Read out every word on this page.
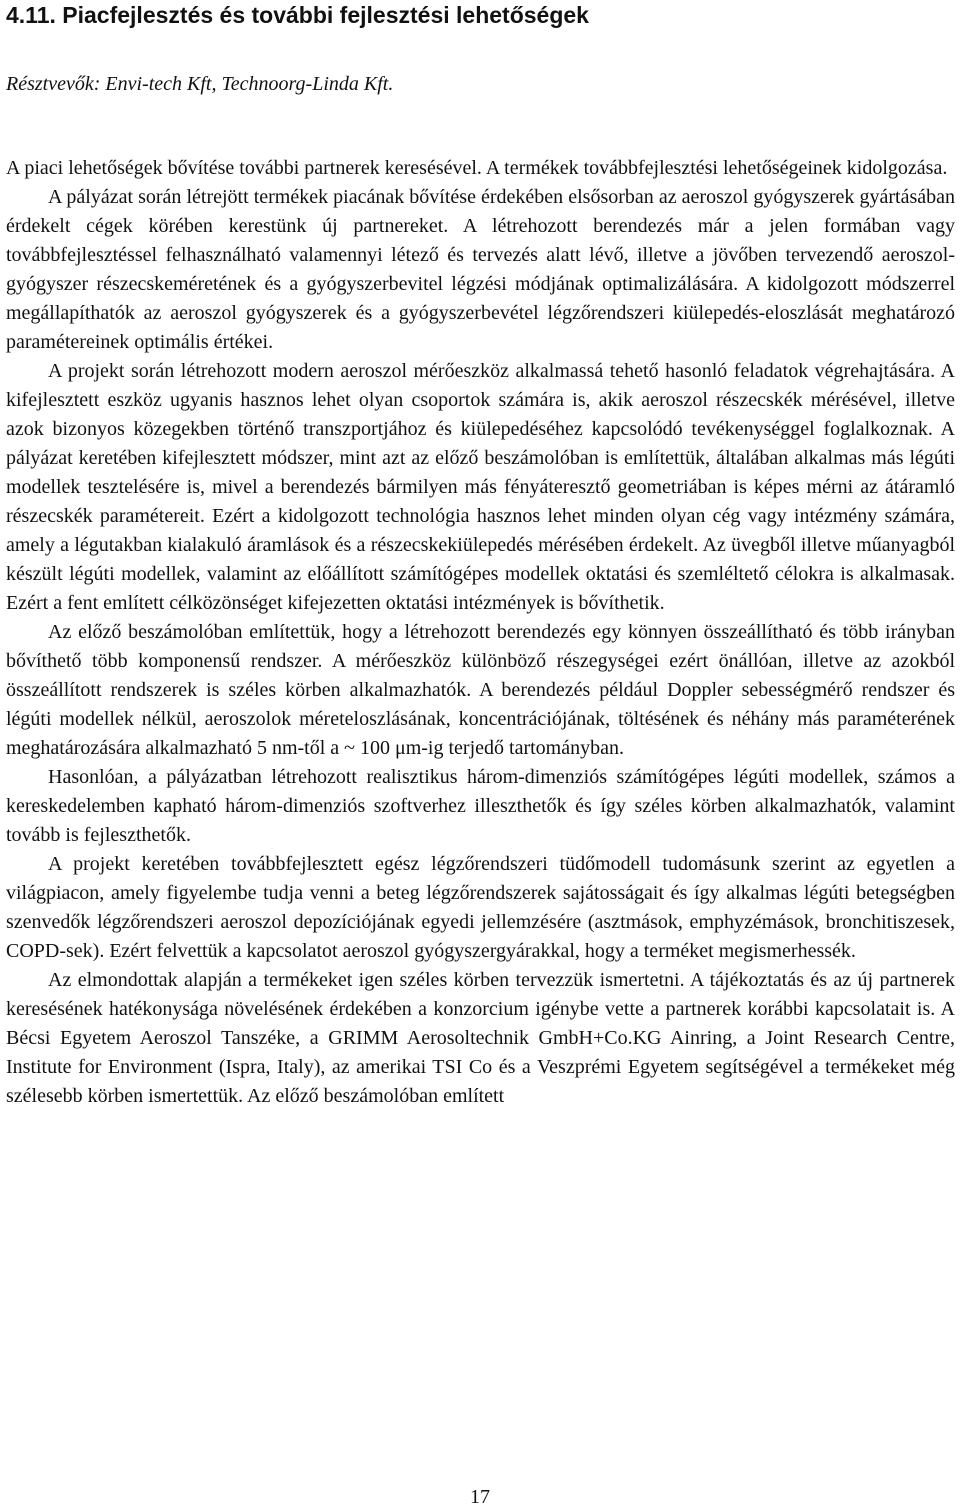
4.11. Piacfejlesztés és további fejlesztési lehetőségek

Résztvevők: Envi-tech Kft, Technoorg-Linda Kft.

A piaci lehetőségek bővítése további partnerek keresésével. A termékek továbbfejlesztési lehetőségeinek kidolgozása.

A pályázat során létrejött termékek piacának bővítése érdekében elsősorban az aeroszol gyógyszerek gyártásában érdekelt cégek körében kerestünk új partnereket. A létrehozott berendezés már a jelen formában vagy továbbfejlesztéssel felhasználható valamennyi létező és tervezés alatt lévő, illetve a jövőben tervezendő aeroszol-gyógyszer részecskeméretének és a gyógyszerbevitel légzési módjának optimalizálására. A kidolgozott módszerrel megállapíthatók az aeroszol gyógyszerek és a gyógyszerbevétel légzőrendszeri kiülepedés-eloszlását meghatározó paramétereinek optimális értékei.

A projekt során létrehozott modern aeroszol mérőeszköz alkalmassá tehető hasonló feladatok végrehajtására. A kifejlesztett eszköz ugyanis hasznos lehet olyan csoportok számára is, akik aeroszol részecskék mérésével, illetve azok bizonyos közegekben történő transzportjához és kiülepedéséhez kapcsolódó tevékenységgel foglalkoznak. A pályázat keretében kifejlesztett módszer, mint azt az előző beszámolóban is említettük, általában alkalmas más légúti modellek tesztelésére is, mivel a berendezés bármilyen más fényáteresztő geometriában is képes mérni az átáramló részecskék paramétereit. Ezért a kidolgozott technológia hasznos lehet minden olyan cég vagy intézmény számára, amely a légutakban kialakuló áramlások és a részecskekiülepedés mérésében érdekelt. Az üvegből illetve műanyagból készült légúti modellek, valamint az előállított számítógépes modellek oktatási és szemléltető célokra is alkalmasak. Ezért a fent említett célközönséget kifejezetten oktatási intézmények is bővíthetik.

Az előző beszámolóban említettük, hogy a létrehozott berendezés egy könnyen összeállítható és több irányban bővíthető több komponensű rendszer. A mérőeszköz különböző részegységei ezért önállóan, illetve az azokból összeállított rendszerek is széles körben alkalmazhatók. A berendezés például Doppler sebességmérő rendszer és légúti modellek nélkül, aeroszolok méreteloszlásának, koncentrációjának, töltésének és néhány más paraméterének meghatározására alkalmazható 5 nm-től a ~ 100 μm-ig terjedő tartományban.

Hasonlóan, a pályázatban létrehozott realisztikus három-dimenziós számítógépes légúti modellek, számos a kereskedelemben kapható három-dimenziós szoftverhez illeszthetők és így széles körben alkalmazhatók, valamint tovább is fejleszthetők.

A projekt keretében továbbfejlesztett egész légzőrendszeri tüdőmodell tudomásunk szerint az egyetlen a világpiacon, amely figyelembe tudja venni a beteg légzőrendszerek sajátosságait és így alkalmas légúti betegségben szenvedők légzőrendszeri aeroszol depozíciójának egyedi jellemzésére (asztmások, emphyzémások, bronchitiszesek, COPD-sek). Ezért felvettük a kapcsolatot aeroszol gyógyszergyárakkal, hogy a terméket megismerhessék.

Az elmondottak alapján a termékeket igen széles körben tervezzük ismertetni. A tájékoztatás és az új partnerek keresésének hatékonysága növelésének érdekében a konzorcium igénybe vette a partnerek korábbi kapcsolatait is. A Bécsi Egyetem Aeroszol Tanszéke, a GRIMM Aerosoltechnik GmbH+Co.KG Ainring, a Joint Research Centre, Institute for Environment (Ispra, Italy), az amerikai TSI Co és a Veszprémi Egyetem segítségével a termékeket még szélesebb körben ismertettük. Az előző beszámolóban említett

17
